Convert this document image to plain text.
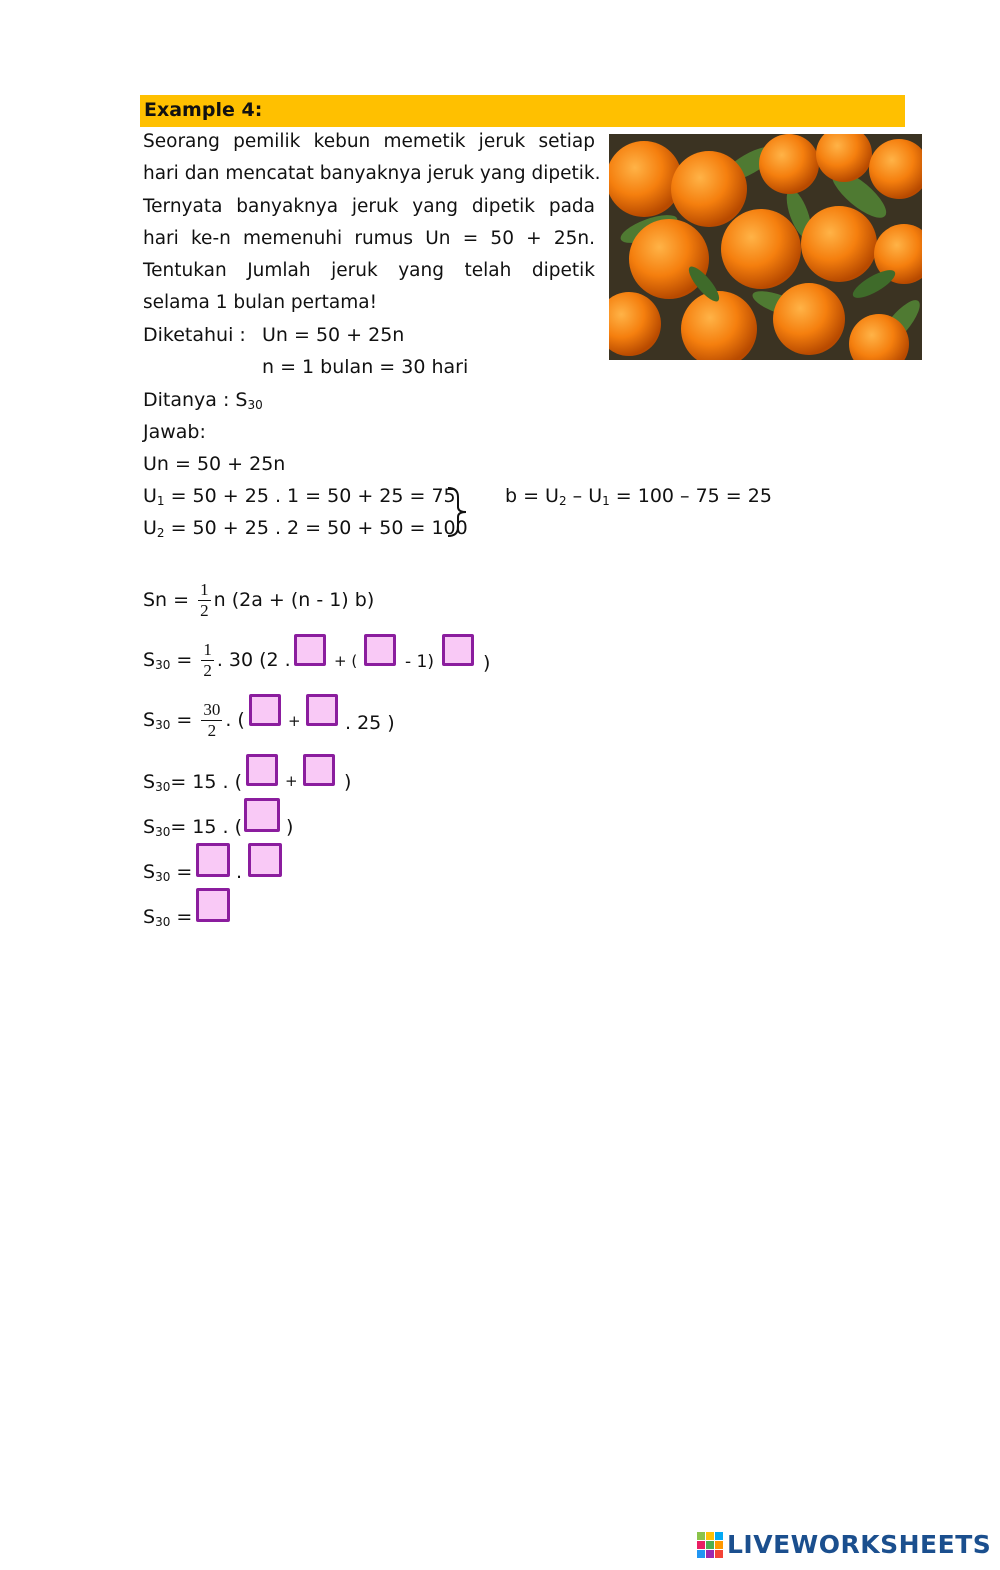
Example 4:
Seorang pemilik kebun memetik jeruk setiap
hari dan mencatat banyaknya jeruk yang dipetik.
Ternyata banyaknya jeruk yang dipetik pada
hari ke-n memenuhi rumus Un = 50 + 25n.
Tentukan Jumlah jeruk yang telah dipetik
selama 1 bulan pertama!
Diketahui : Un = 50 + 25n
n = 1 bulan = 30 hari
Ditanya : $S_{30}$
Jawab:
Un = 50 + 25n
$U_1 = 50 + 25$ . 1 = 50 + 25 = 75
$U_2 = 50 + 25$ . 2 = 50 + 50 = 100
$b = U_2 - U_1 = 100 - 75 = 25$
$Sn = \frac{1}{2}$ n (2a + (n - 1) b)
$S_{30} = \frac{1}{2}$ . 30 (2 .	+ (	- 1)	)
$S_{30} = \frac{30}{2}$ . (	+ . 25 )
$S_{30}= 15$ . (	+ )
$S_{30}= 15$ . ( )
$S_{30}$ = .
$S_{30}$ =
LIVEWORKSHEETS
